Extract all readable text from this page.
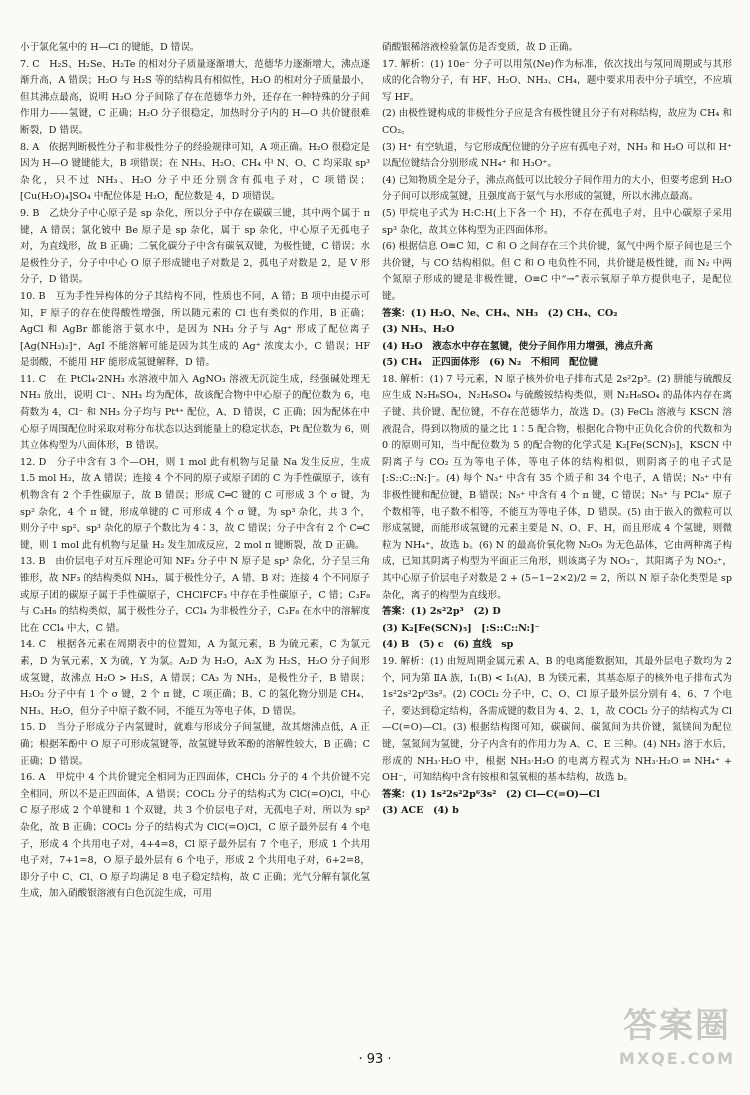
小于氯化氢中的 H—Cl 的键能，D 错误。

7. C　H₂S、H₂Se、H₂Te 的相对分子质量逐渐增大，范德华力逐渐增大，沸点逐渐升高，A 错误；H₂O 与 H₂S 等的结构具有相似性，H₂O 的相对分子质量最小，但其沸点最高，说明 H₂O 分子间除了存在范德华力外，还存在一种特殊的分子间作用力——氢键，C 正确；H₂O 分子很稳定，加热时分子内的 H—O 共价键很难断裂，D 错误。

8. A　依据判断极性分子和非极性分子的经验规律可知，A 项正确。H₂O 很稳定是因为 H—O 键键能大，B 项错误；在 NH₃、H₂O、CH₄ 中 N、O、C 均采取 sp³ 杂化，只不过 NH₃、H₂O 分子中还分别含有孤电子对，C 项错误；[Cu(H₂O)₄]SO₄ 中配位体是 H₂O，配位数是 4，D 项错误。

9. B　乙炔分子中心原子是 sp 杂化，所以分子中存在碳碳三键，其中两个属于 π 键，A 错误；氯化铍中 Be 原子是 sp 杂化，属于 sp 杂化，中心原子无孤电子对，为直线形，故 B 正确；二氧化碳分子中含有碳氧双键，为极性键，C 错误；水是极性分子，分子中中心 O 原子形成键电子对数是 2，孤电子对数是 2，是 V 形分子，D 错误。

10. B　互为手性异构体的分子其结构不同，性质也不同，A 错；B 项中由提示可知，F 原子的存在使得酸性增强，所以随元素的 Cl 也有类似的作用，B 正确；AgCl 和 AgBr 都能溶于氨水中，是因为 NH₃ 分子与 Ag⁺ 形成了配位离子 [Ag(NH₃)₂]⁺，AgI 不能溶解可能是因为其生成的 Ag⁺ 浓度太小，C 错误；HF 是弱酸，不能用 HF 能形成氢键解释，D 错。

11. C　在 PtCl₄·2NH₃ 水溶液中加入 AgNO₃ 溶液无沉淀生成，经强碱处理无 NH₃ 放出，说明 Cl⁻、NH₃ 均为配体，故该配合物中中心原子的配位数为 6，电荷数为 4，Cl⁻ 和 NH₃ 分子均与 Pt⁴⁺ 配位，A、D 错误，C 正确；因为配体在中心原子周围配位时采取对称分布状态以达到能量上的稳定状态，Pt 配位数为 6，则其立体构型为八面体形，B 错误。

12. D　分子中含有 3 个—OH，则 1 mol 此有机物与足量 Na 发生反应，生成 1.5 mol H₂，故 A 错误；连接 4 个不同的原子或原子团的 C 为手性碳原子，该有机物含有 2 个手性碳原子，故 B 错误；形成 C═C 键的 C 可形成 3 个 σ 键，为 sp² 杂化，4 个 π 键，形成单键的 C 可形成 4 个 σ 键，为 sp³ 杂化，共 3 个，则分子中 sp²、sp³ 杂化的原子个数比为 4∶3，故 C 错误；分子中含有 2 个 C═C 键，则 1 mol 此有机物与足量 H₂ 发生加成反应，2 mol π 键断裂，故 D 正确。

13. B　由价层电子对互斥理论可知 NF₃ 分子中 N 原子是 sp³ 杂化，分子呈三角锥形，故 NF₃ 的结构类似 NH₃，属于极性分子，A 错、B 对；连接 4 个不同原子或原子团的碳原子属于手性碳原子，CHClFCF₃ 中存在手性碳原子，C 错；C₃F₈ 与 C₃H₈ 的结构类似，属于极性分子，CCl₄ 为非极性分子，C₃F₈ 在水中的溶解度比在 CCl₄ 中大，C 错。

14. C　根据各元素在周期表中的位置知，A 为氮元素，B 为硫元素，C 为氯元素，D 为氧元素，X 为硫，Y 为氯。A₂D 为 H₂O，A₂X 为 H₂S，H₂O 分子间形成氢键，故沸点 H₂O > H₂S，A 错误；CA₃ 为 NH₃，是极性分子，B 错误；H₂O₂ 分子中有 1 个 σ 键，2 个 π 键，C 项正确；B、C 的氢化物分别是 CH₄、NH₃、H₂O，但分子中原子数不同，不能互为等电子体，D 错误。

15. D　当分子形成分子内氢键时，就难与形成分子间氢键，故其熔沸点低，A 正确；根据苯酚中 O 原子可形成氢键等，故氢键导致苯酚的溶解性较大，B 正确；C 正确；D 错误。

16. A　甲烷中 4 个共价键完全相同为正四面体，CHCl₃ 分子的 4 个共价键不完全相同，所以不是正四面体，A 错误；COCl₂ 分子的结构式为 ClC(=O)Cl，中心 C 原子形成 2 个单键和 1 个双键，共 3 个价层电子对，无孤电子对，所以为 sp² 杂化，故 B 正确；COCl₂ 分子的结构式为 ClC(=O)Cl，C 原子最外层有 4 个电子，形成 4 个共用电子对，4+4=8，Cl 原子最外层有 7 个电子，形成 1 个共用电子对，7+1=8，O 原子最外层有 6 个电子，形成 2 个共用电子对，6+2=8，即分子中 C、Cl、O 原子均满足 8 电子稳定结构，故 C 正确；光气分解有氯化氢生成，加入硝酸银溶液有白色沉淀生成，可用

硝酸银稀溶液检验氯仿是否变质，故 D 正确。

17. 解析：(1) 10e⁻ 分子可以用氖(Ne)作为标准，依次找出与氖同周期或与其形成的化合物分子，有 HF、H₂O、NH₃、CH₄，题中要求用表中分子填空，不应填写 HF。

(2) 由极性键构成的非极性分子应是含有极性键且分子有对称结构，故应为 CH₄ 和 CO₂。

(3) H⁺ 有空轨道，与它形成配位键的分子应有孤电子对，NH₃ 和 H₂O 可以和 H⁺ 以配位键结合分别形成 NH₄⁺ 和 H₃O⁺。

(4) 已知物质全是分子，沸点高低可以比较分子间作用力的大小，但要考虑到 H₂O 分子间可以形成氢键，且强度高于氨气与水形成的氢键，所以水沸点最高。

(5) 甲烷电子式为 H:C:H(上下各一个 H)，不存在孤电子对，且中心碳原子采用 sp³ 杂化，故其立体构型为正四面体形。

(6) 根据信息 O≡C 知，C 和 O 之间存在三个共价键，氮气中两个原子间也是三个共价键，与 CO 结构相似。但 C 和 O 电负性不同，共价键是极性键，而 N₂ 中两个氮原子形成的键是非极性键，O≡C 中“→”表示氧原子单方提供电子，是配位键。

答案：(1) H₂O、Ne、CH₄、NH₃　(2) CH₄、CO₂

(3) NH₃、H₂O

(4) H₂O　液态水中存在氢键，使分子间作用力增强，沸点升高

(5) CH₄　正四面体形　(6) N₂　不相同　配位键

18. 解析：(1) 7 号元素，N 原子核外价电子排布式是 2s²2p³。(2) 肼能与硫酸反应生成 N₂H₆SO₄，N₂H₆SO₄ 与硫酸铵结构类似，则 N₂H₆SO₄ 的晶体内存在离子键、共价键、配位键，不存在范德华力，故选 D。(3) FeCl₃ 溶液与 KSCN 溶液混合，得到以物质的量之比 1∶5 配合物，根据化合物中正负化合价的代数和为 0 的原则可知，当中配位数为 5 的配合物的化学式是 K₂[Fe(SCN)₅]，KSCN 中阴离子与 CO₂ 互为等电子体，等电子体的结构相似，则阴离子的电子式是 [:S::C::N:]⁻。(4) 每个 N₃⁺ 中含有 35 个质子和 34 个电子，A 错误；N₅⁺ 中有非极性键和配位键，B 错误；N₅⁺ 中含有 4 个 π 键，C 错误；N₅⁺ 与 PCl₄⁺ 原子个数相等，电子数不相等，不能互为等电子体，D 错误。(5) 由于嵌入的微粒可以形成氢键，而能形成氢键的元素主要是 N、O、F、H，而且形成 4 个氢键，则微粒为 NH₄⁺，故选 b。(6) N 的最高价氧化物 N₂O₅ 为无色晶体，它由两种离子构成，已知其阴离子构型为平面正三角形，则该离子为 NO₃⁻，其阳离子为 NO₂⁺，其中心原子价层电子对数是 2 + (5−1−2×2)/2 = 2，所以 N 原子杂化类型是 sp 杂化，离子的构型为直线形。

答案：(1) 2s²2p³　(2) D

(3) K₂[Fe(SCN)₅]　[:S::C::N:]⁻

(4) B　(5) c　(6) 直线　sp

19. 解析：(1) 由短周期金属元素 A、B 的电离能数据知，其最外层电子数均为 2 个，同为第 ⅡA 族，I₁(B) < I₁(A)，B 为镁元素，其基态原子的核外电子排布式为 1s²2s²2p⁶3s²。(2) COCl₂ 分子中，C、O、Cl 原子最外层分别有 4、6、7 个电子，要达到稳定结构，各需成键的数目为 4、2、1，故 COCl₂ 分子的结构式为 Cl—C(=O)—Cl。(3) 根据结构图可知，碳碳间、碳氮间为共价键，氮镁间为配位键，氢氮间为氢键，分子内含有的作用力为 A、C、E 三种。(4) NH₃ 溶于水后，形成的 NH₃·H₂O 中，根据 NH₃·H₂O 的电离方程式为 NH₃·H₂O ⇌ NH₄⁺ + OH⁻，可知结构中含有铵根和氢氧根的基本结构，故选 b。

答案：(1) 1s²2s²2p⁶3s²　(2) Cl—C(=O)—Cl

(3) ACE　(4) b

· 93 ·
答案圈
MXQE.COM
